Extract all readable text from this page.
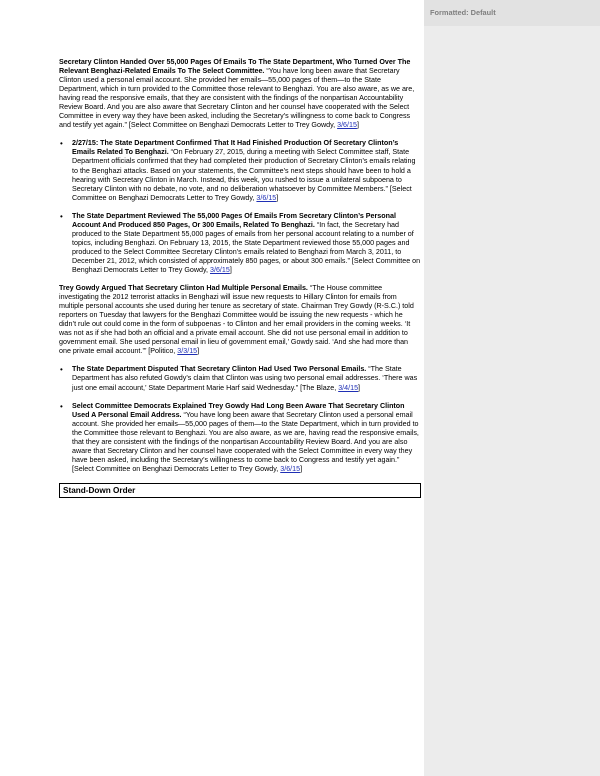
Formatted: Default

Secretary Clinton Handed Over 55,000 Pages Of Emails To The State Department, Who Turned Over The Relevant Benghazi-Related Emails To The Select Committee. “You have long been aware that Secretary Clinton used a personal email account. She provided her emails—55,000 pages of them—to the State Department, which in turn provided to the Committee those relevant to Benghazi. You are also aware, as we are, having read the responsive emails, that they are consistent with the findings of the nonpartisan Accountability Review Board. And you are also aware that Secretary Clinton and her counsel have cooperated with the Select Committee in every way they have been asked, including the Secretary’s willingness to come back to Congress and testify yet again.” [Select Committee on Benghazi Democrats Letter to Trey Gowdy, 3/6/15]

• 2/27/15: The State Department Confirmed That It Had Finished Production Of Secretary Clinton’s Emails Related To Benghazi. “On February 27, 2015, during a meeting with Select Committee staff, State Department officials confirmed that they had completed their production of Secretary Clinton’s emails relating to the Benghazi attacks. Based on your statements, the Committee’s next steps should have been to hold a hearing with Secretary Clinton in March. Instead, this week, you rushed to issue a unilateral subpoena to Secretary Clinton with no debate, no vote, and no deliberation whatsoever by Committee Members.” [Select Committee on Benghazi Democrats Letter to Trey Gowdy, 3/6/15]

• The State Department Reviewed The 55,000 Pages Of Emails From Secretary Clinton’s Personal Account And Produced 850 Pages, Or 300 Emails, Related To Benghazi. “In fact, the Secretary had produced to the State Department 55,000 pages of emails from her personal account relating to a number of topics, including Benghazi. On February 13, 2015, the State Department reviewed those 55,000 pages and produced to the Select Committee Secretary Clinton’s emails related to Benghazi from March 3, 2011, to December 21, 2012, which consisted of approximately 850 pages, or about 300 emails.” [Select Committee on Benghazi Democrats Letter to Trey Gowdy, 3/6/15]

Trey Gowdy Argued That Secretary Clinton Had Multiple Personal Emails. “The House committee investigating the 2012 terrorist attacks in Benghazi will issue new requests to Hillary Clinton for emails from multiple personal accounts she used during her tenure as secretary of state. Chairman Trey Gowdy (R-S.C.) told reporters on Tuesday that lawyers for the Benghazi Committee would be issuing the new requests - which he didn’t rule out could come in the form of subpoenas - to Clinton and her email providers in the coming weeks. ‘It was not as if she had both an official and a private email account. She did not use personal email in addition to government email. She used personal email in lieu of government email,’ Gowdy said. ‘And she had more than one private email account.’” [Politico, 3/3/15]

• The State Department Disputed That Secretary Clinton Had Used Two Personal Emails. “The State Department has also refuted Gowdy’s claim that Clinton was using two personal email addresses. ‘There was just one email account,’ State Department Marie Harf said Wednesday.” [The Blaze, 3/4/15]

• Select Committee Democrats Explained Trey Gowdy Had Long Been Aware That Secretary Clinton Used A Personal Email Address. “You have long been aware that Secretary Clinton used a personal email account. She provided her emails—55,000 pages of them—to the State Department, which in turn provided to the Committee those relevant to Benghazi. You are also aware, as we are, having read the responsive emails, that they are consistent with the findings of the nonpartisan Accountability Review Board. And you are also aware that Secretary Clinton and her counsel have cooperated with the Select Committee in every way they have been asked, including the Secretary’s willingness to come back to Congress and testify yet again.” [Select Committee on Benghazi Democrats Letter to Trey Gowdy, 3/6/15]

Stand-Down Order
